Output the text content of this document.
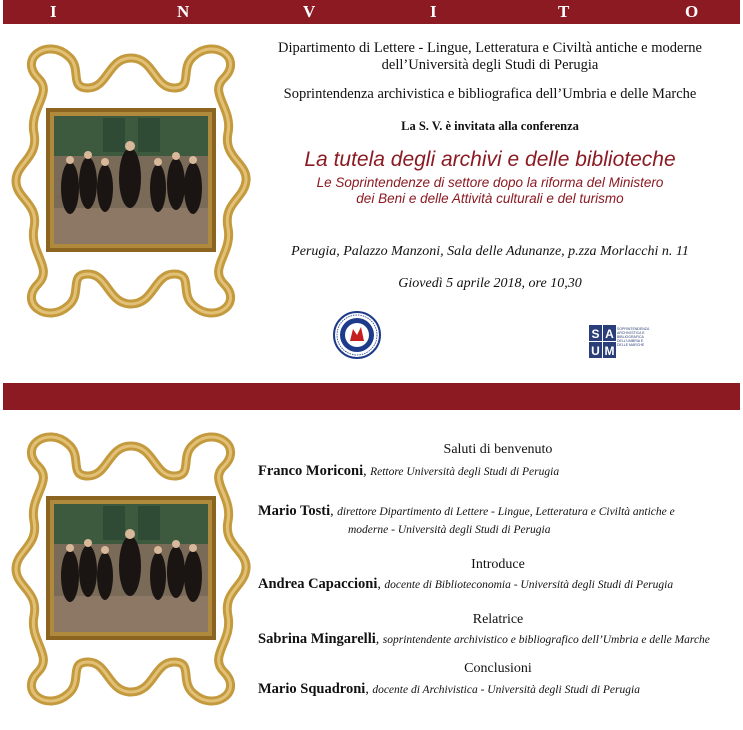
I	N	V	I	T	O
Dipartimento di Lettere - Lingue, Letteratura e Civiltà antiche e moderne
dell’Università degli Studi di Perugia
Soprintendenza archivistica e bibliografica dell’Umbria e delle Marche
La S. V. è invitata alla conferenza
La tutela degli archivi e delle biblioteche
Le Soprintendenze di settore dopo la riforma del Ministero
dei Beni e delle Attività culturali e del turismo
Perugia, Palazzo Manzoni, Sala delle Adunanze, p.zza Morlacchi n. 11
Giovedì 5 aprile 2018, ore 10,30
S A
U M
SOPRINTENDENZA ARCHIVISTICA E BIBLIOGRAFICA DELL'UMBRIA E DELLE MARCHE
Saluti di benvenuto
Franco Moriconi, Rettore Università degli Studi di Perugia
Mario Tosti, direttore Dipartimento di Lettere - Lingue, Letteratura e Civiltà antiche e
moderne - Università degli Studi di Perugia
Introduce
Andrea Capaccioni, docente di Biblioteconomia - Università degli Studi di Perugia
Relatrice
Sabrina Mingarelli, soprintendente archivistico e bibliografico dell’Umbria e delle Marche
Conclusioni
Mario Squadroni, docente di Archivistica - Università degli Studi di Perugia
